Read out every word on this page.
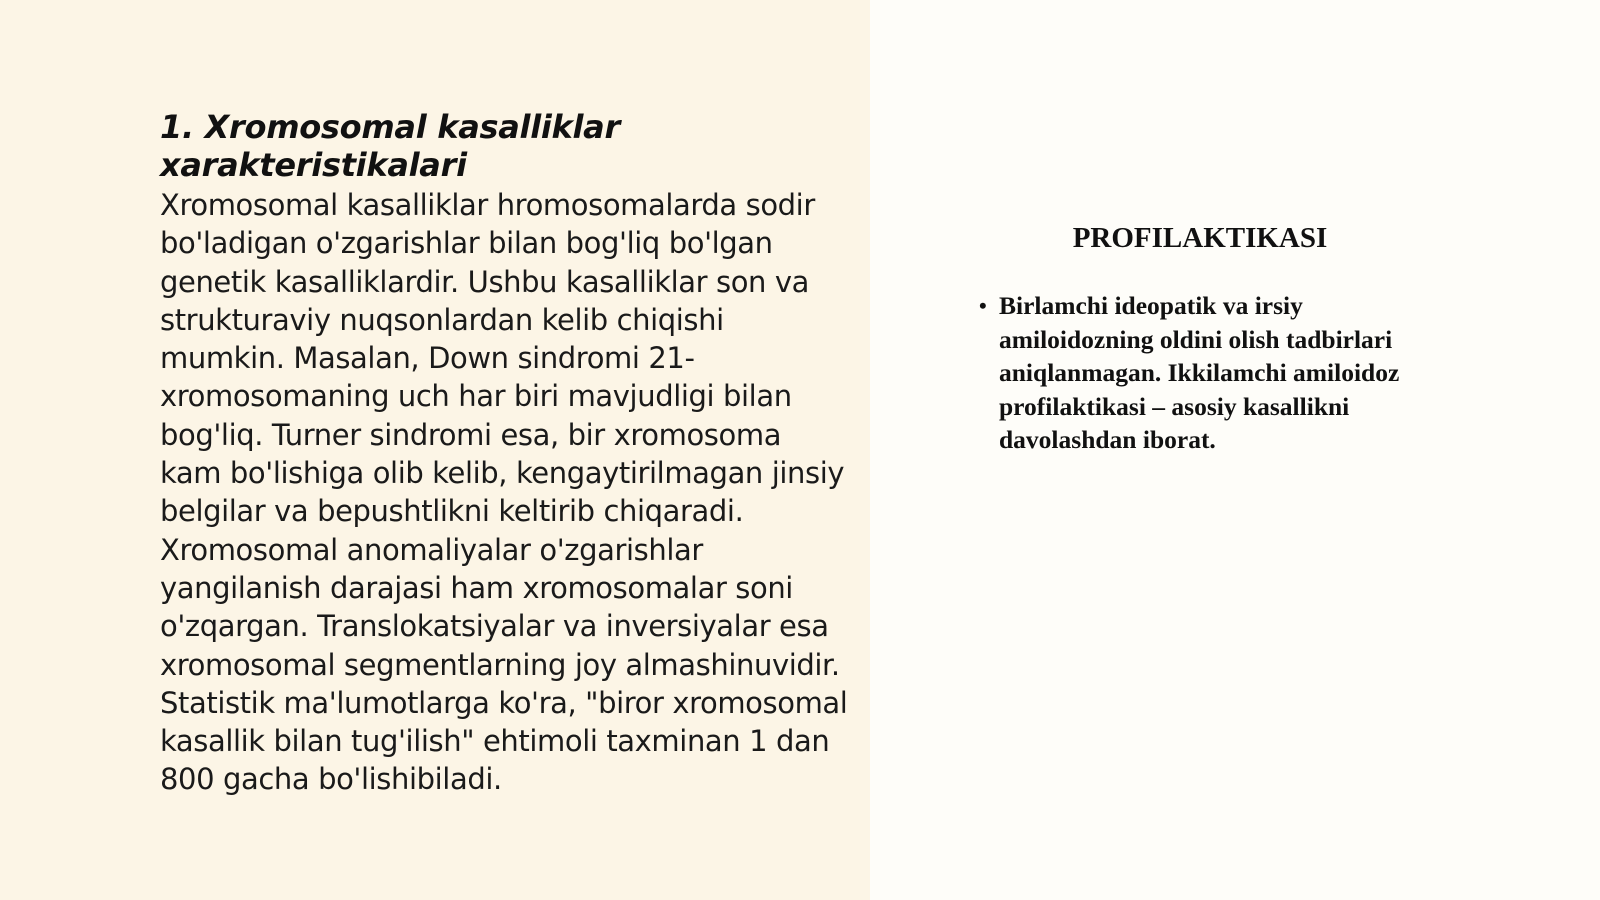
1. Xromosomal kasalliklar xarakteristikalari

Xromosomal kasalliklar hromosomalarda sodir bo'ladigan o'zgarishlar bilan bog'liq bo'lgan genetik kasalliklardir. Ushbu kasalliklar son va strukturaviy nuqsonlardan kelib chiqishi mumkin. Masalan, Down sindromi 21-xromosomaning uch har biri mavjudligi bilan bog'liq. Turner sindromi esa, bir xromosoma kam bo'lishiga olib kelib, kengaytirilmagan jinsiy belgilar va bepushtlikni keltirib chiqaradi. Xromosomal anomaliyalar o'zgarishlar yangilanish darajasi ham xromosomalar soni o'zqargan. Translokatsiyalar va inversiyalar esa xromosomal segmentlarning joy almashinuvidir. Statistik ma'lumotlarga ko'ra, "biror xromosomal kasallik bilan tug'ilish" ehtimoli taxminan 1 dan 800 gacha bo'lishibiladi.

PROFILAKTIKASI
• Birlamchi ideopatik va irsiy amiloidozning oldini olish tadbirlari aniqlanmagan. Ikkilamchi amiloidoz profilaktikasi – asosiy kasallikni davolashdan iborat.
